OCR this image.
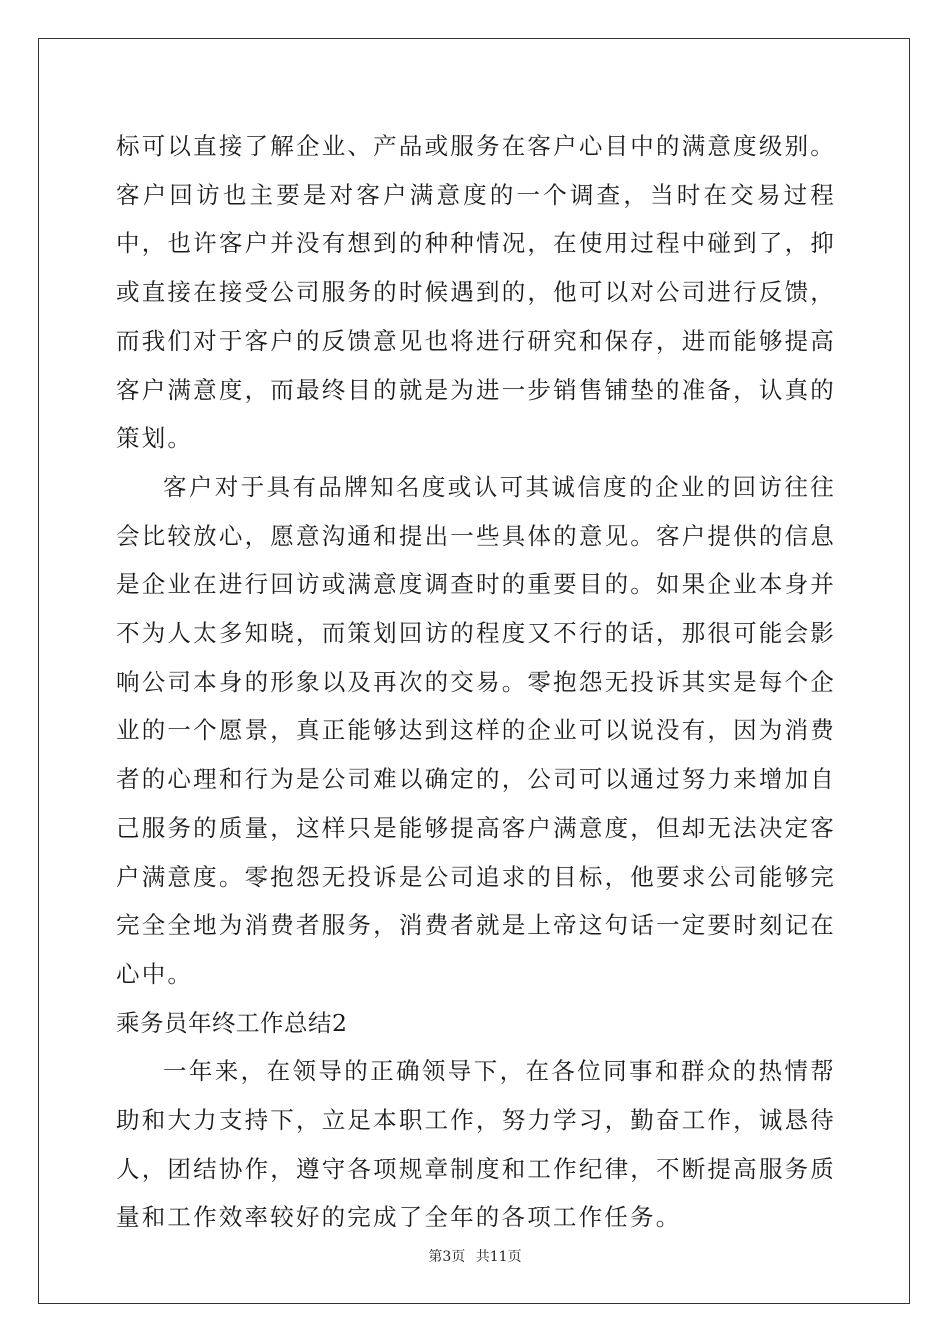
标可以直接了解企业、产品或服务在客户心目中的满意度级别。客户回访也主要是对客户满意度的一个调查，当时在交易过程中，也许客户并没有想到的种种情况，在使用过程中碰到了，抑或直接在接受公司服务的时候遇到的，他可以对公司进行反馈，而我们对于客户的反馈意见也将进行研究和保存，进而能够提高客户满意度，而最终目的就是为进一步销售铺垫的准备，认真的策划。

客户对于具有品牌知名度或认可其诚信度的企业的回访往往会比较放心，愿意沟通和提出一些具体的意见。客户提供的信息是企业在进行回访或满意度调查时的重要目的。如果企业本身并不为人太多知晓，而策划回访的程度又不行的话，那很可能会影响公司本身的形象以及再次的交易。零抱怨无投诉其实是每个企业的一个愿景，真正能够达到这样的企业可以说没有，因为消费者的心理和行为是公司难以确定的，公司可以通过努力来增加自己服务的质量，这样只是能够提高客户满意度，但却无法决定客户满意度。零抱怨无投诉是公司追求的目标，他要求公司能够完完全全地为消费者服务，消费者就是上帝这句话一定要时刻记在心中。

乘务员年终工作总结2

一年来，在领导的正确领导下，在各位同事和群众的热情帮助和大力支持下，立足本职工作，努力学习，勤奋工作，诚恳待人，团结协作，遵守各项规章制度和工作纪律，不断提高服务质量和工作效率较好的完成了全年的各项工作任务。

第3页 共11页
